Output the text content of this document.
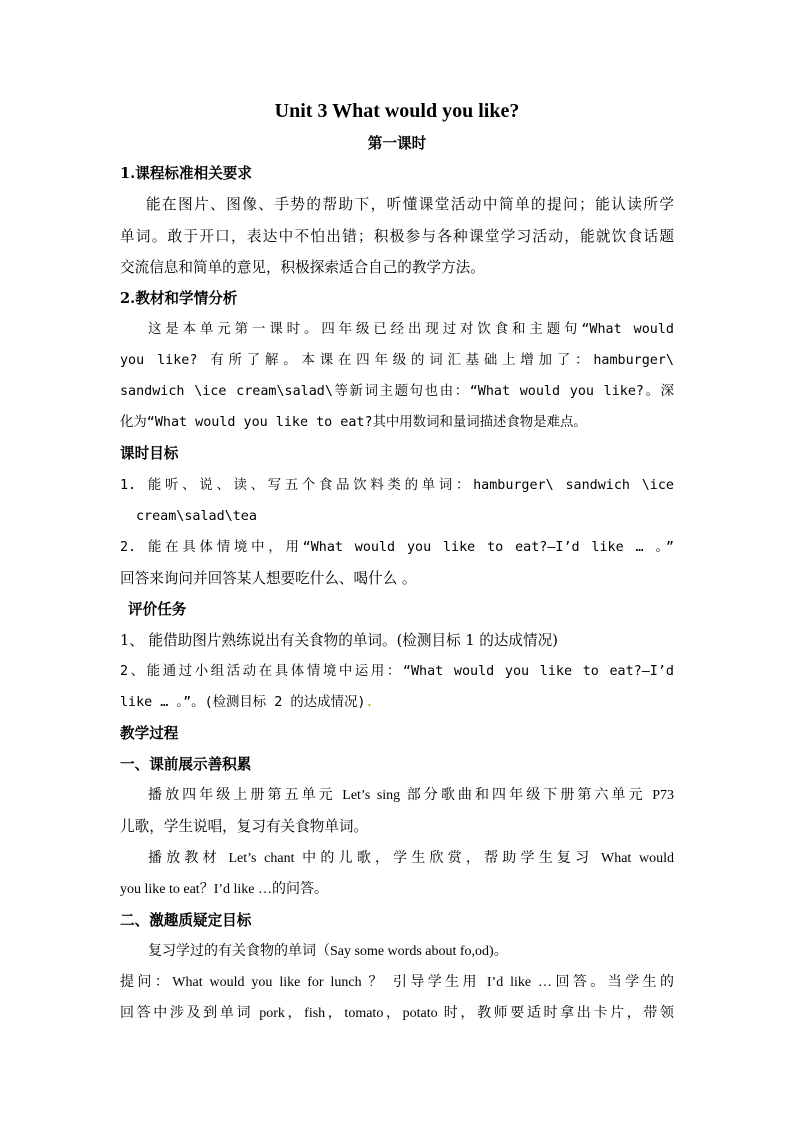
Unit 3 What would you like?
第一课时
1.课程标准相关要求
能在图片、图像、手势的帮助下，听懂课堂活动中简单的提问；能认读所学
单词。敢于开口，表达中不怕出错；积极参与各种课堂学习活动，能就饮食话题
交流信息和简单的意见，积极探索适合自己的教学方法。
2.教材和学情分析
这是本单元第一课时。四年级已经出现过对饮食和主题句“What would
you like? 有所了解。本课在四年级的词汇基础上增加了：hamburger\
sandwich \ice cream\salad\等新词主题句也由：“What would you like?。深
化为“What would you like to eat?其中用数词和量词描述食物是难点。
课时目标
1. 能听、说、读、写五个食品饮料类的单词：hamburger\ sandwich \ice
cream\salad\tea
2. 能在具体情境中，用“What would you like to eat?—I’d like … 。”
回答来询问并回答某人想要吃什么、喝什么 。
评价任务
1、 能借助图片熟练说出有关食物的单词。(检测目标 1 的达成情况)
2、能通过小组活动在具体情境中运用：“What would you like to eat?—I’d
like … 。”。(检测目标 2 的达成情况).
教学过程
一、课前展示善积累
播放四年级上册第五单元 Let’s sing 部分歌曲和四年级下册第六单元 P73
儿歌，学生说唱，复习有关食物单词。
播放教材 Let’s chant 中的儿歌，学生欣赏，帮助学生复习 What would
you like to eat？I’d like …的问答。
二、激趣质疑定目标
复习学过的有关食物的单词（Say some words about fo,od)。
提问：What would you like for lunch ？ 引导学生用 I’d like …回答。当学生的
回答中涉及到单词 pork，fish，tomato，potato 时，教师要适时拿出卡片，带领
